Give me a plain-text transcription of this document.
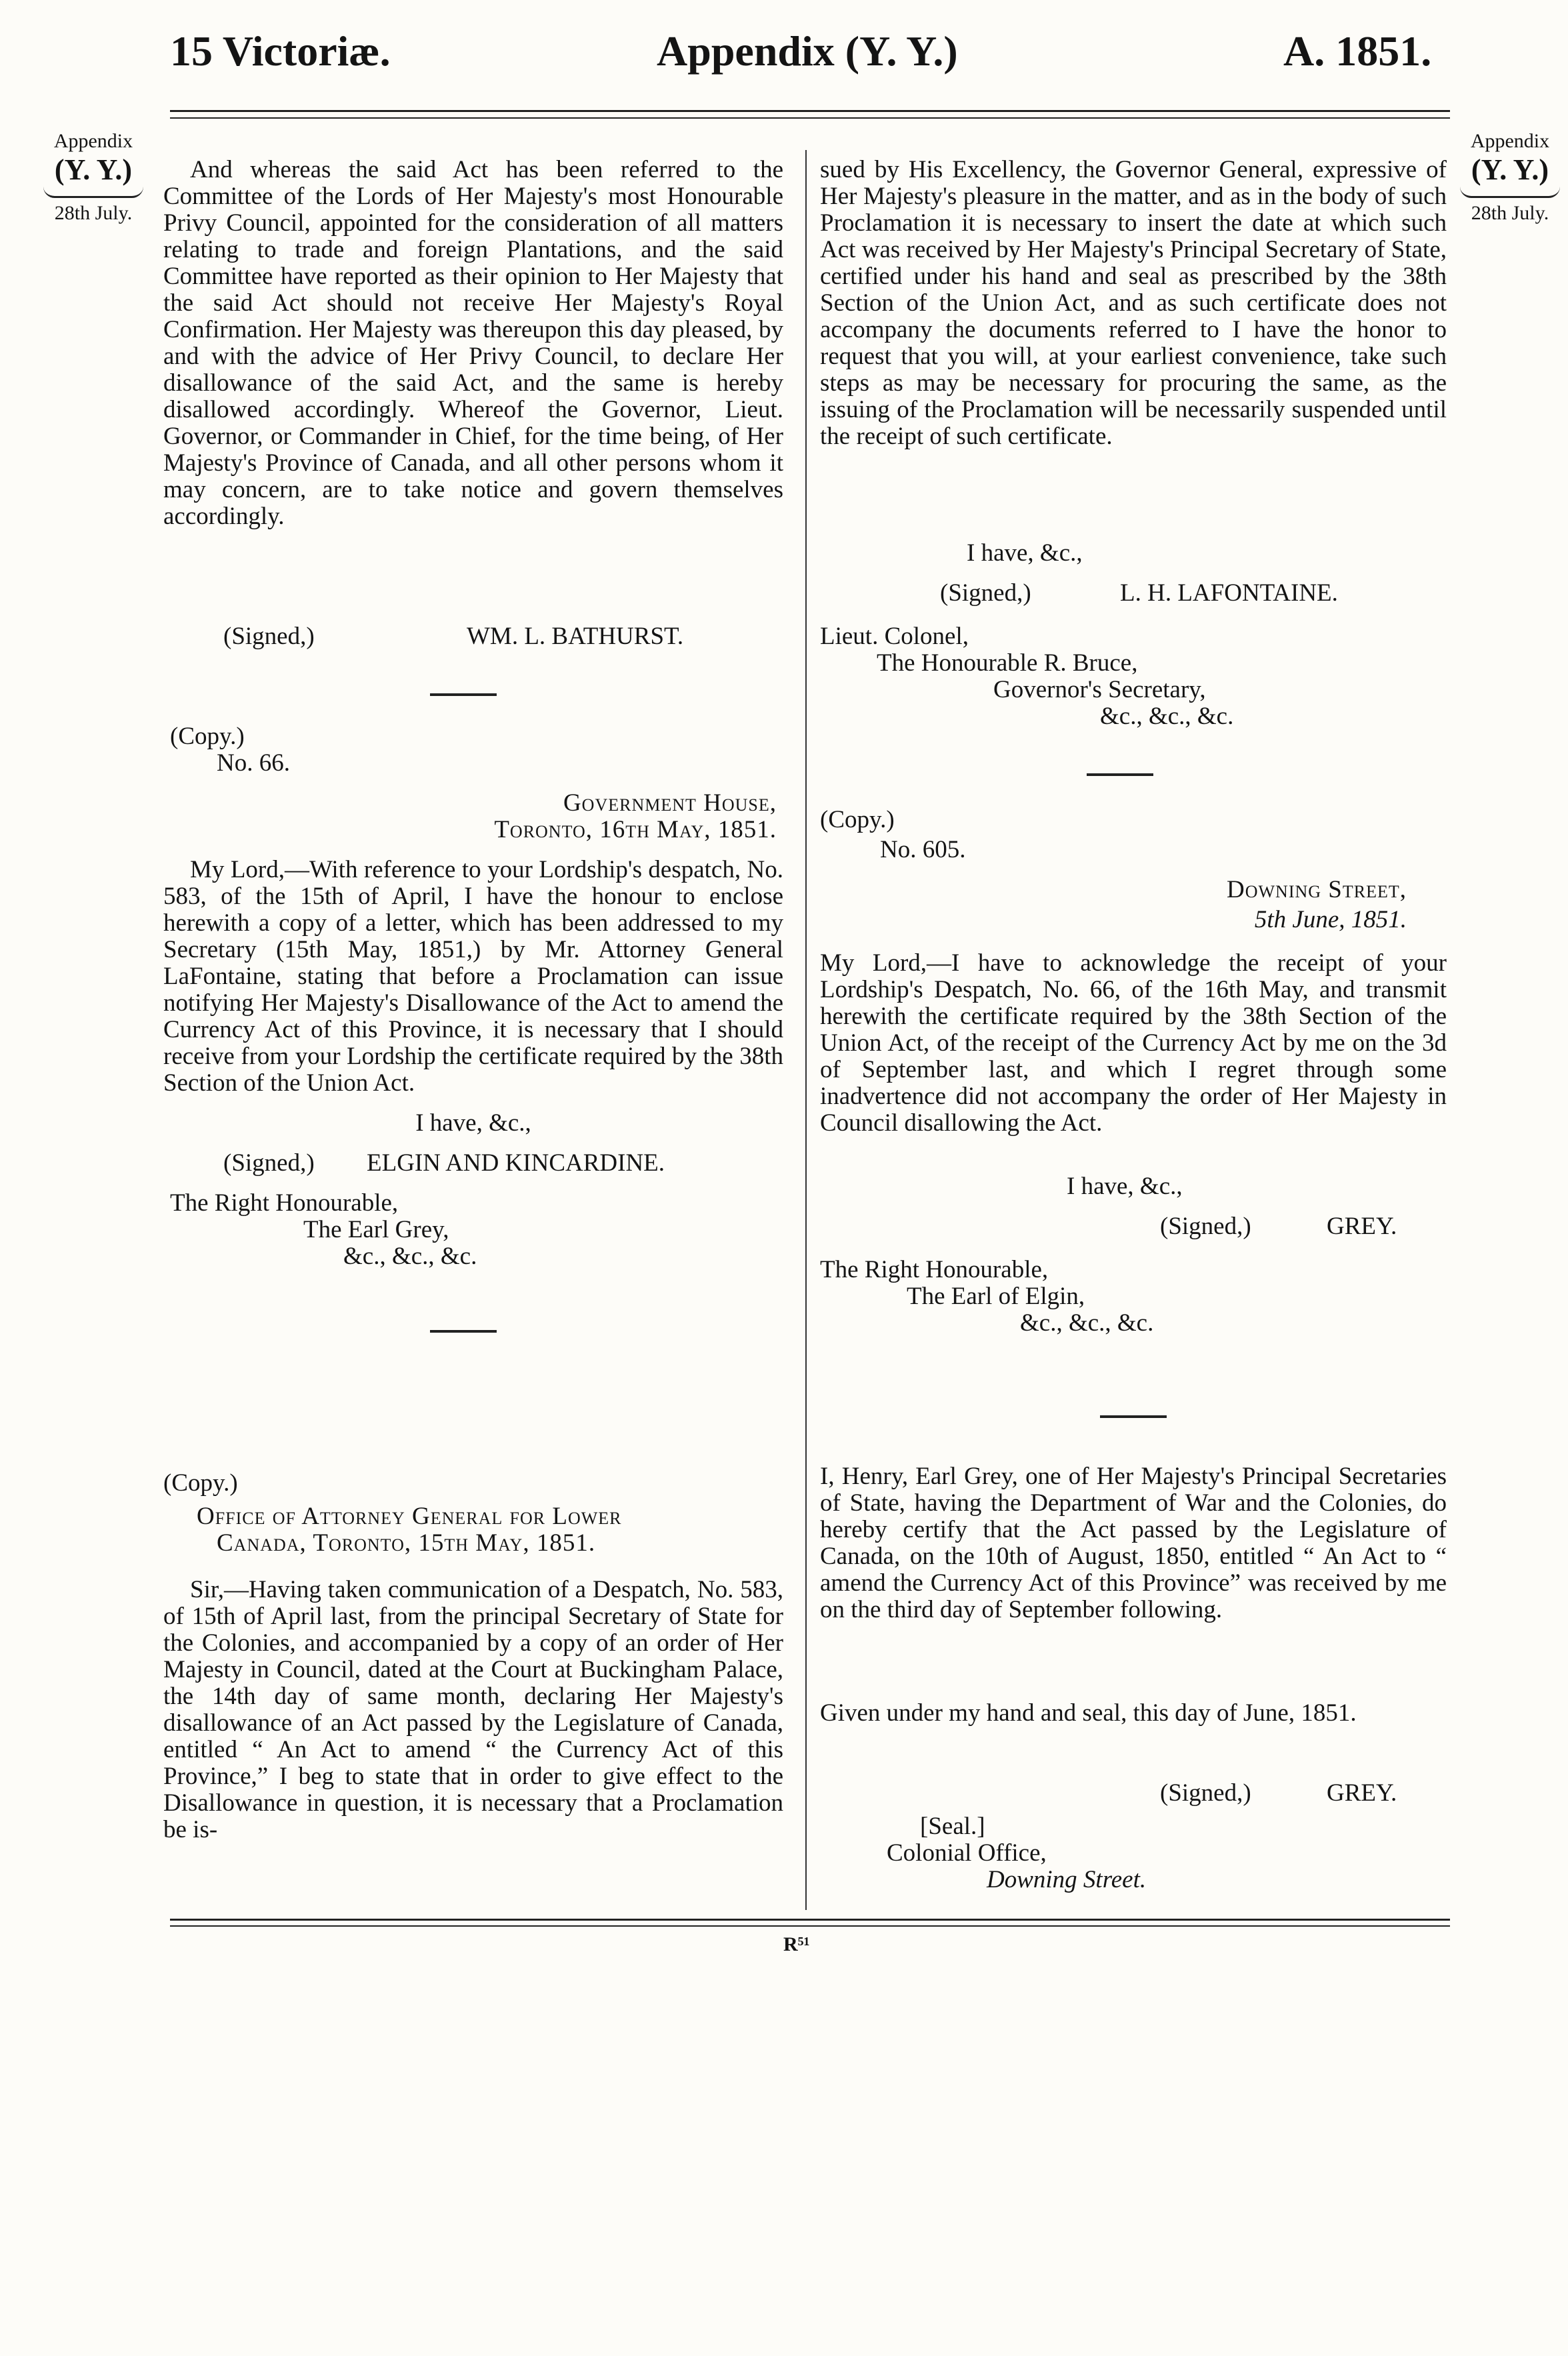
15 Victoriæ.	Appendix (Y. Y.)	A. 1851.
Appendix
(Y. Y.)
28th July.
Appendix
(Y. Y.)
28th July.

And whereas the said Act has been referred to the Committee of the Lords of Her Majesty's most Honourable Privy Council, appointed for the consideration of all matters relating to trade and foreign Plantations, and the said Committee have reported as their opinion to Her Majesty that the said Act should not receive Her Majesty's Royal Confirmation. Her Majesty was thereupon this day pleased, by and with the advice of Her Privy Council, to declare Her disallowance of the said Act, and the same is hereby disallowed accordingly. Whereof the Governor, Lieut. Governor, or Commander in Chief, for the time being, of Her Majesty's Province of Canada, and all other persons whom it may concern, are to take notice and govern themselves accordingly.

(Signed,)	WM. L. BATHURST.
(Copy.)
No. 66.
Government House,
Toronto, 16th May, 1851.

My Lord,—With reference to your Lordship's despatch, No. 583, of the 15th of April, I have the honour to enclose herewith a copy of a letter, which has been addressed to my Secretary (15th May, 1851,) by Mr. Attorney General LaFontaine, stating that before a Proclamation can issue notifying Her Majesty's Disallowance of the Act to amend the Currency Act of this Province, it is necessary that I should receive from your Lordship the certificate required by the 38th Section of the Union Act.

I have, &c.,
(Signed,) ELGIN AND KINCARDINE.
The Right Honourable,
The Earl Grey,
&c., &c., &c.
(Copy.)
Office of Attorney General for Lower
Canada, Toronto, 15th May, 1851.

Sir,—Having taken communication of a Despatch, No. 583, of 15th of April last, from the principal Secretary of State for the Colonies, and accompanied by a copy of an order of Her Majesty in Council, dated at the Court at Buckingham Palace, the 14th day of same month, declaring Her Majesty's disallowance of an Act passed by the Legislature of Canada, entitled “ An Act to amend “ the Currency Act of this Province,” I beg to state that in order to give effect to the Disallowance in question, it is necessary that a Proclamation be is-

sued by His Excellency, the Governor General, expressive of Her Majesty's pleasure in the matter, and as in the body of such Proclamation it is necessary to insert the date at which such Act was received by Her Majesty's Principal Secretary of State, certified under his hand and seal as prescribed by the 38th Section of the Union Act, and as such certificate does not accompany the documents referred to I have the honor to request that you will, at your earliest convenience, take such steps as may be necessary for procuring the same, as the issuing of the Proclamation will be necessarily suspended until the receipt of such certificate.

I have, &c.,
(Signed,)	L. H. LAFONTAINE.
Lieut. Colonel,
The Honourable R. Bruce,
Governor's Secretary,
&c., &c., &c.
(Copy.)
No. 605.
Downing Street,
5th June, 1851.

My Lord,—I have to acknowledge the receipt of your Lordship's Despatch, No. 66, of the 16th May, and transmit herewith the certificate required by the 38th Section of the Union Act, of the receipt of the Currency Act by me on the 3d of September last, and which I regret through some inadvertence did not accompany the order of Her Majesty in Council disallowing the Act.

I have, &c.,
(Signed,)	GREY.
The Right Honourable,
The Earl of Elgin,
&c., &c., &c.

I, Henry, Earl Grey, one of Her Majesty's Principal Secretaries of State, having the Department of War and the Colonies, do hereby certify that the Act passed by the Legislature of Canada, on the 10th of August, 1850, entitled “ An Act to “ amend the Currency Act of this Province” was received by me on the third day of September following.

Given under my hand and seal, this day of June, 1851.

(Signed,)	GREY.
[Seal.]
Colonial Office,
Downing Street.
R⁵¹
